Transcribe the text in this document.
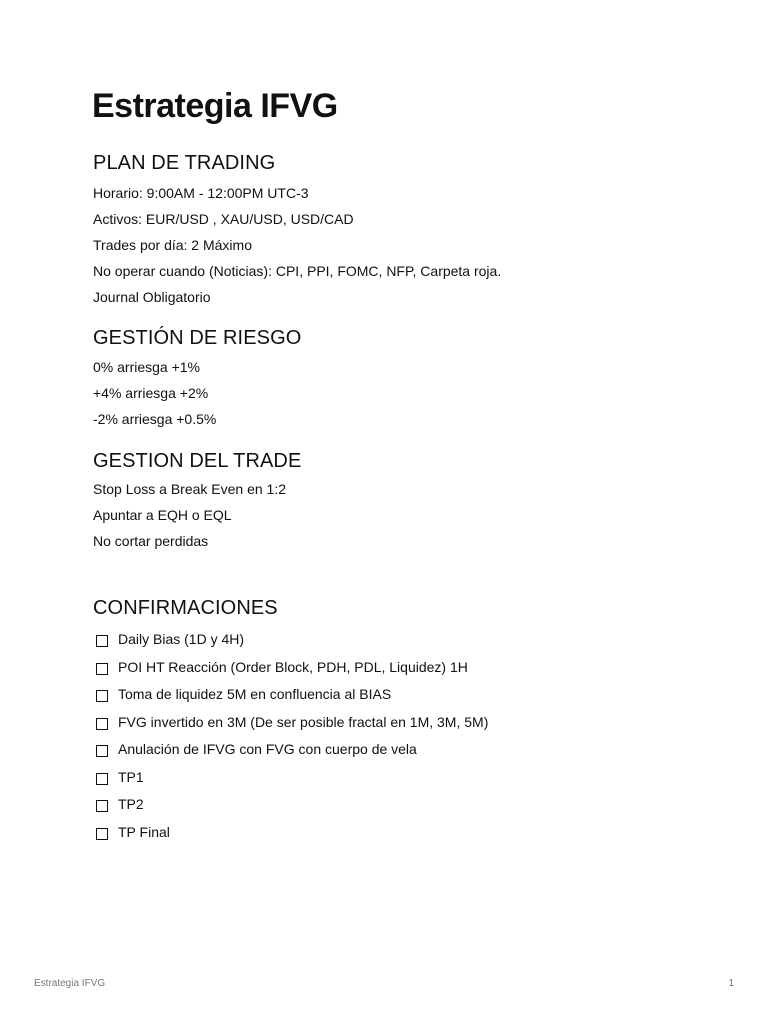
Estrategia IFVG
PLAN DE TRADING

Horario: 9:00AM - 12:00PM UTC-3

Activos: EUR/USD , XAU/USD, USD/CAD

Trades por día: 2 Máximo

No operar cuando (Noticias): CPI, PPI, FOMC, NFP, Carpeta roja.

Journal Obligatorio

GESTIÓN DE RIESGO

0% arriesga +1%

+4% arriesga +2%

-2% arriesga +0.5%

GESTION DEL TRADE

Stop Loss a Break Even en 1:2

Apuntar a EQH o EQL

No cortar perdidas

CONFIRMACIONES
Daily Bias (1D y 4H)
POI HT Reacción (Order Block, PDH, PDL, Liquidez) 1H
Toma de liquidez 5M en confluencia al BIAS
FVG invertido en 3M (De ser posible fractal en 1M, 3M, 5M)
Anulación de IFVG con FVG con cuerpo de vela
TP1
TP2
TP Final
Estrategia IFVG	1
